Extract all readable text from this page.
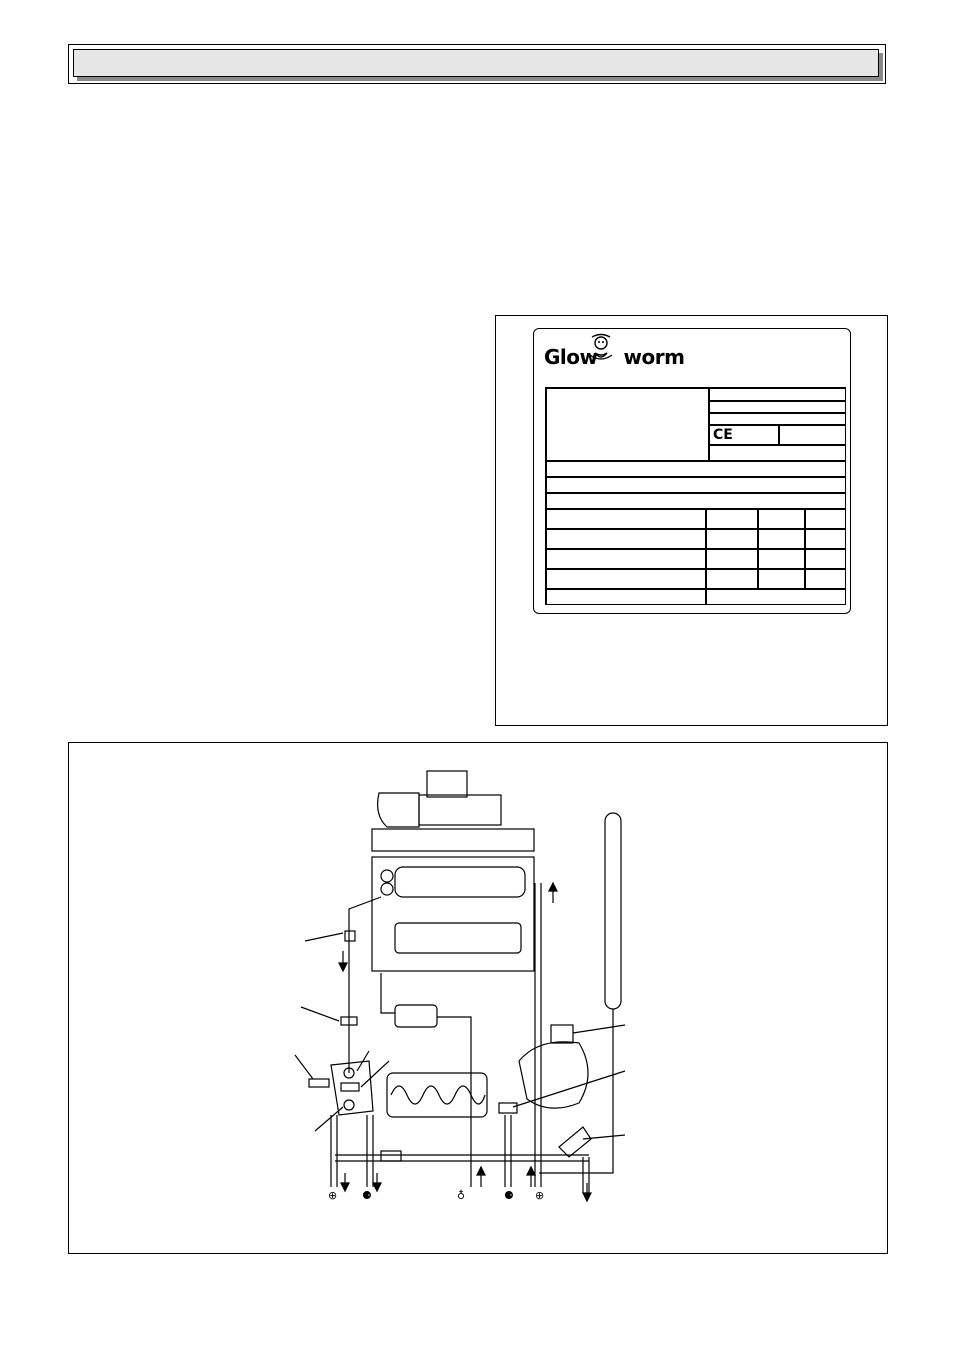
Glow worm
CE
⊕ ⚈	♁	⚈ ⊕
